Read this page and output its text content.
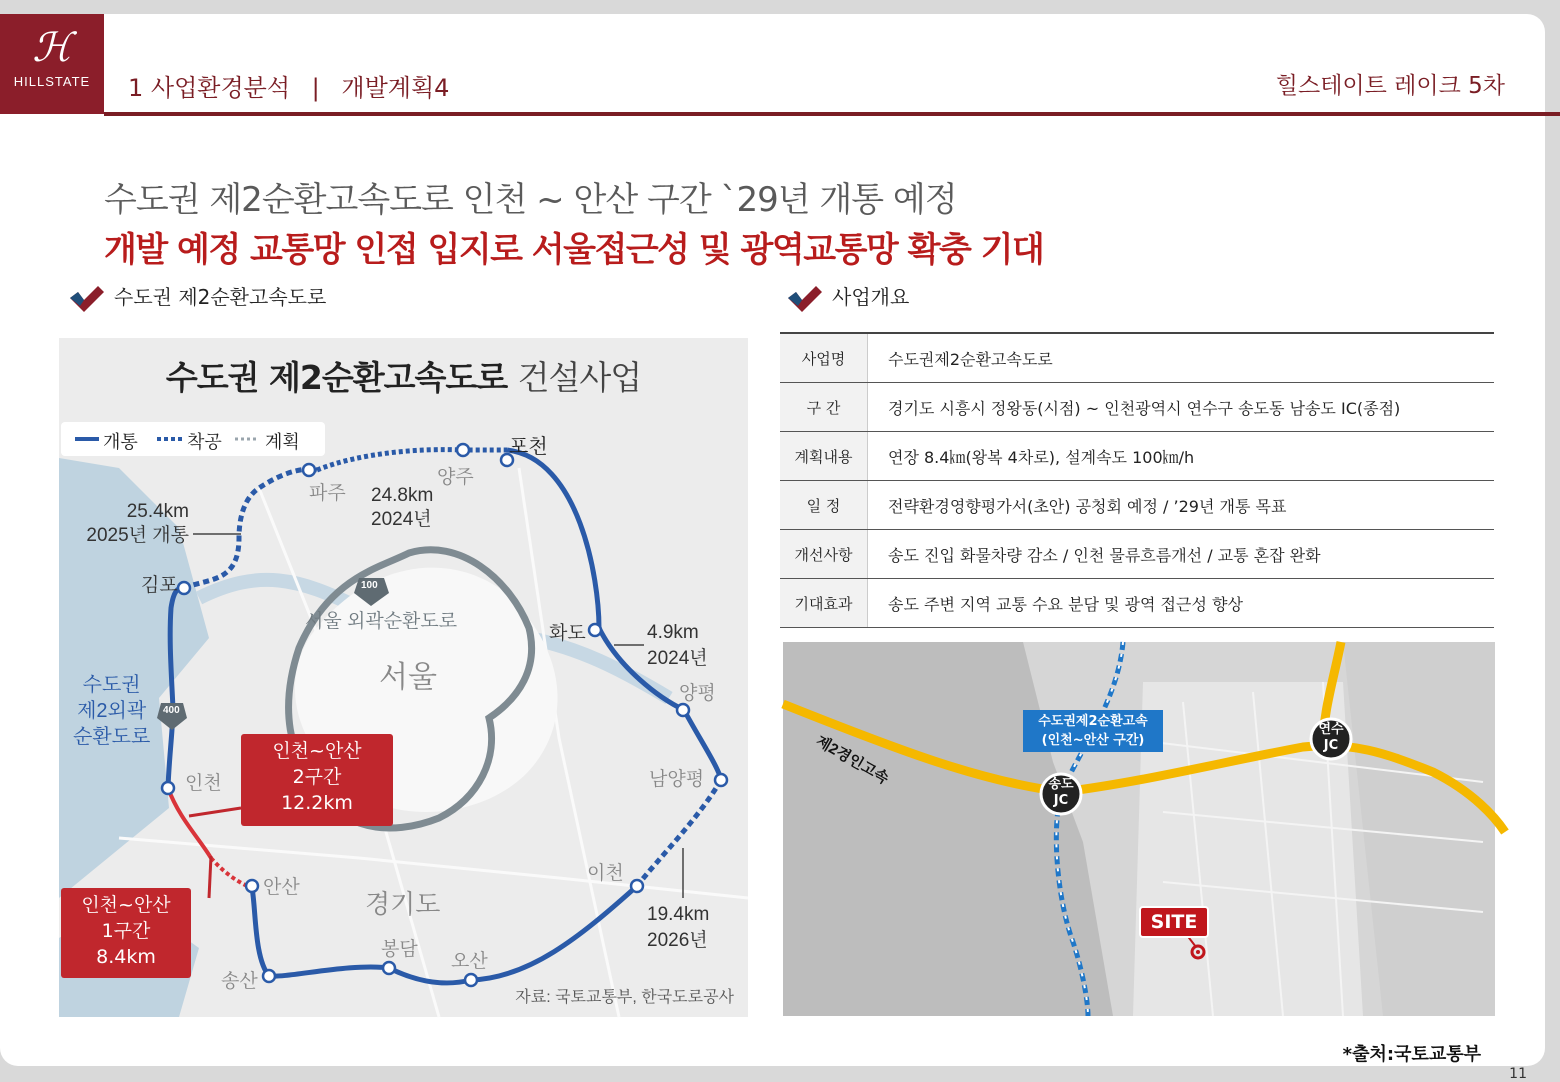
ℋ
HILLSTATE	1 사업환경분석 | 개발계획4	힐스테이트 레이크 5차
수도권 제2순환고속도로 인천 ~ 안산 구간 `29년 개통 예정
개발 예정 교통망 인접 입지로 서울접근성 및 광역교통망 확충 기대
수도권 제2순환고속도로	사업개요
수도권 제2순환고속도로 건설사업
개통	착공 계획	포천
양주
파주
김포
화도
양평
남양평
이천
오산
봉담
송산
안산
인천
서울
경기도
서울 외곽순환도로
100
400
수도권
제2외곽
순환도로
25.4km
2025년 개통
24.8km
2024년
4.9km
2024년
19.4km
2026년
인천~안산
2구간
12.2km
인천~안산
1구간
8.4km
자료: 국토교통부, 한국도로공사
사업명	수도권제2순환고속도로
구 간	경기도 시흥시 정왕동(시점) ~ 인천광역시 연수구 송도동 남송도 IC(종점)
계획내용	연장 8.4㎞(왕복 4차로), 설계속도 100㎞/h
일 정	전략환경영향평가서(초안) 공청회 예정 / ’29년 개통 목표
개선사항	송도 진입 화물차량 감소 / 인천 물류흐름개선 / 교통 혼잡 완화
기대효과	송도 주변 지역 교통 수요 분담 및 광역 접근성 향상
제2경인고속
수도권제2순환고속
(인천~안산 구간)
송도
JC
연수
JC
SITE
*출처:국토교통부
11
